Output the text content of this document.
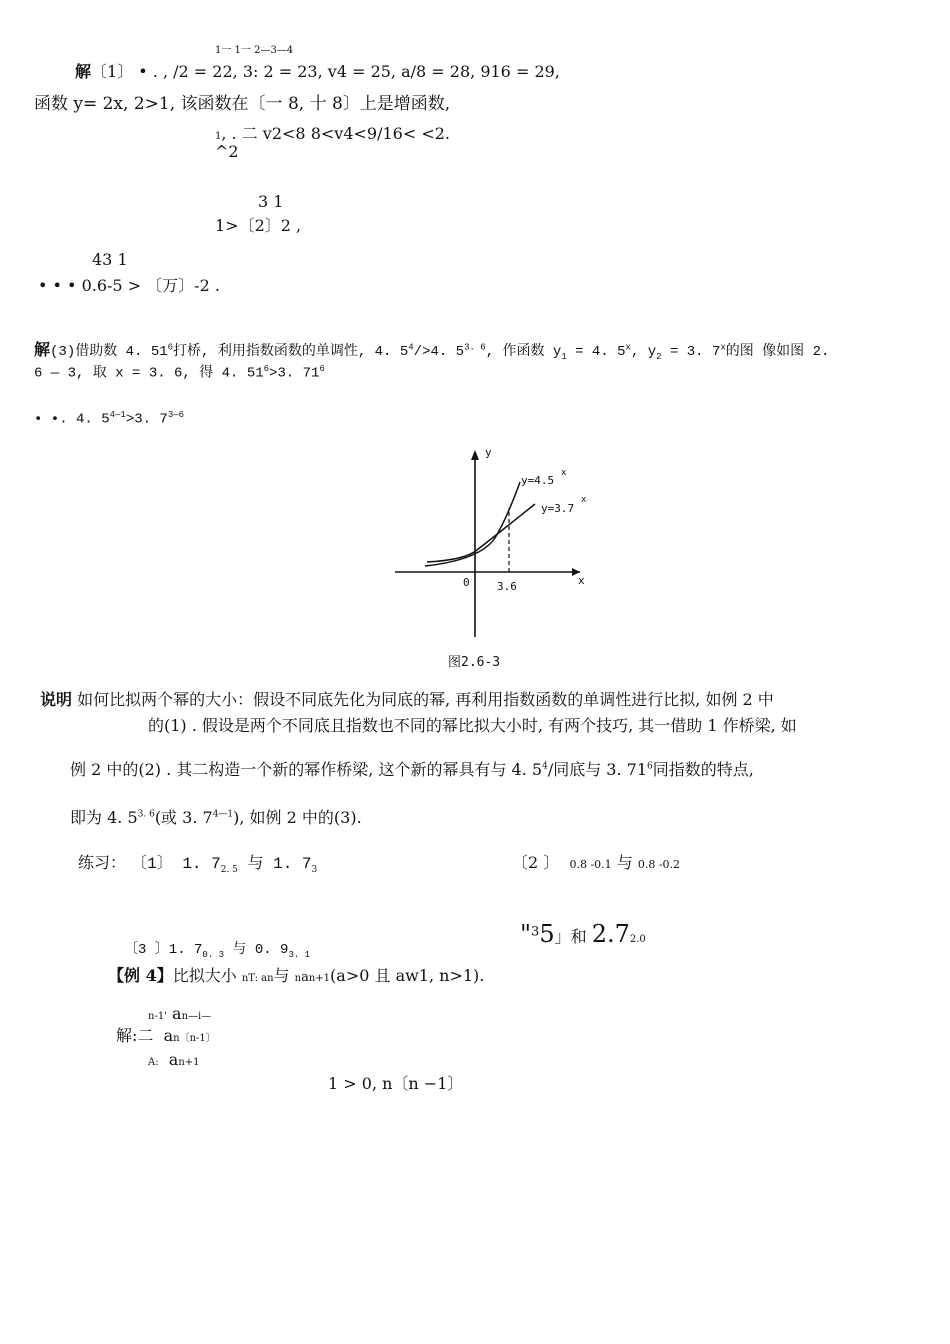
1一 1一 2—3—4
解〔1〕 • . , /2 = 22, 3: 2 = 23, v4 = 25, a/8 = 28, 916 = 29,
函数 y= 2x, 2>1, 该函数在〔一 8, 十 8〕上是增函数,
1, . 二 v2<8 8<v4<9/16< <2.
^2
3 1
1>〔2〕2 ,
43 1
• • • 0.6-5 > 〔万〕-2 .
解(3)借助数 4. $51^6$打桥, 利用指数函数的单调性, 4. $5^4/>4$. $5^{3. 6}$, 作函数 $y_1 = 4$. 5$^x$, $y_2 = 3$. 7$^x$的图 像如图 2.
6 — 3, 取 x = 3. 6, 得 4. $51^6>3$. $71^6$
• •. 4. $5^{4—1}>3$. $7^{3—6}$
y
x
0 3.6
y=4.5
x
y=3.7
x
图2.6-3
说明 如何比拟两个幂的大小：假设不同底先化为同底的幂, 再利用指数函数的单调性进行比拟, 如例 2 中
的(1) . 假设是两个不同底且指数也不同的幂比拟大小时, 有两个技巧, 其一借助 1 作桥梁, 如
例 2 中的(2) . 其二构造一个新的幂作桥梁, 这个新的幂具有与 4. $5^4/$同底与 3. $71^6$同指数的特点,
即为 4. $5^{3. 6}$(或 3. $7^{4—1}$), 如例 2 中的(3).
练习： 〔1〕 1. $7_{2. 5}$ 与 1. $7_3$	〔2 〕 0.8 -0.1 与 0.8 -0.2
"$^3$5」和 2.72.0
〔3 〕1. $7_{0. 3}$ 与 0. $9_{3. 1}$
【例 4】比拟大小 nT: an与 nan+1(a>0 且 aw1, n>1).
n-1' an—i—
解:二 an〔n-1〕
A: an+1
1 > 0, n〔n −1〕
